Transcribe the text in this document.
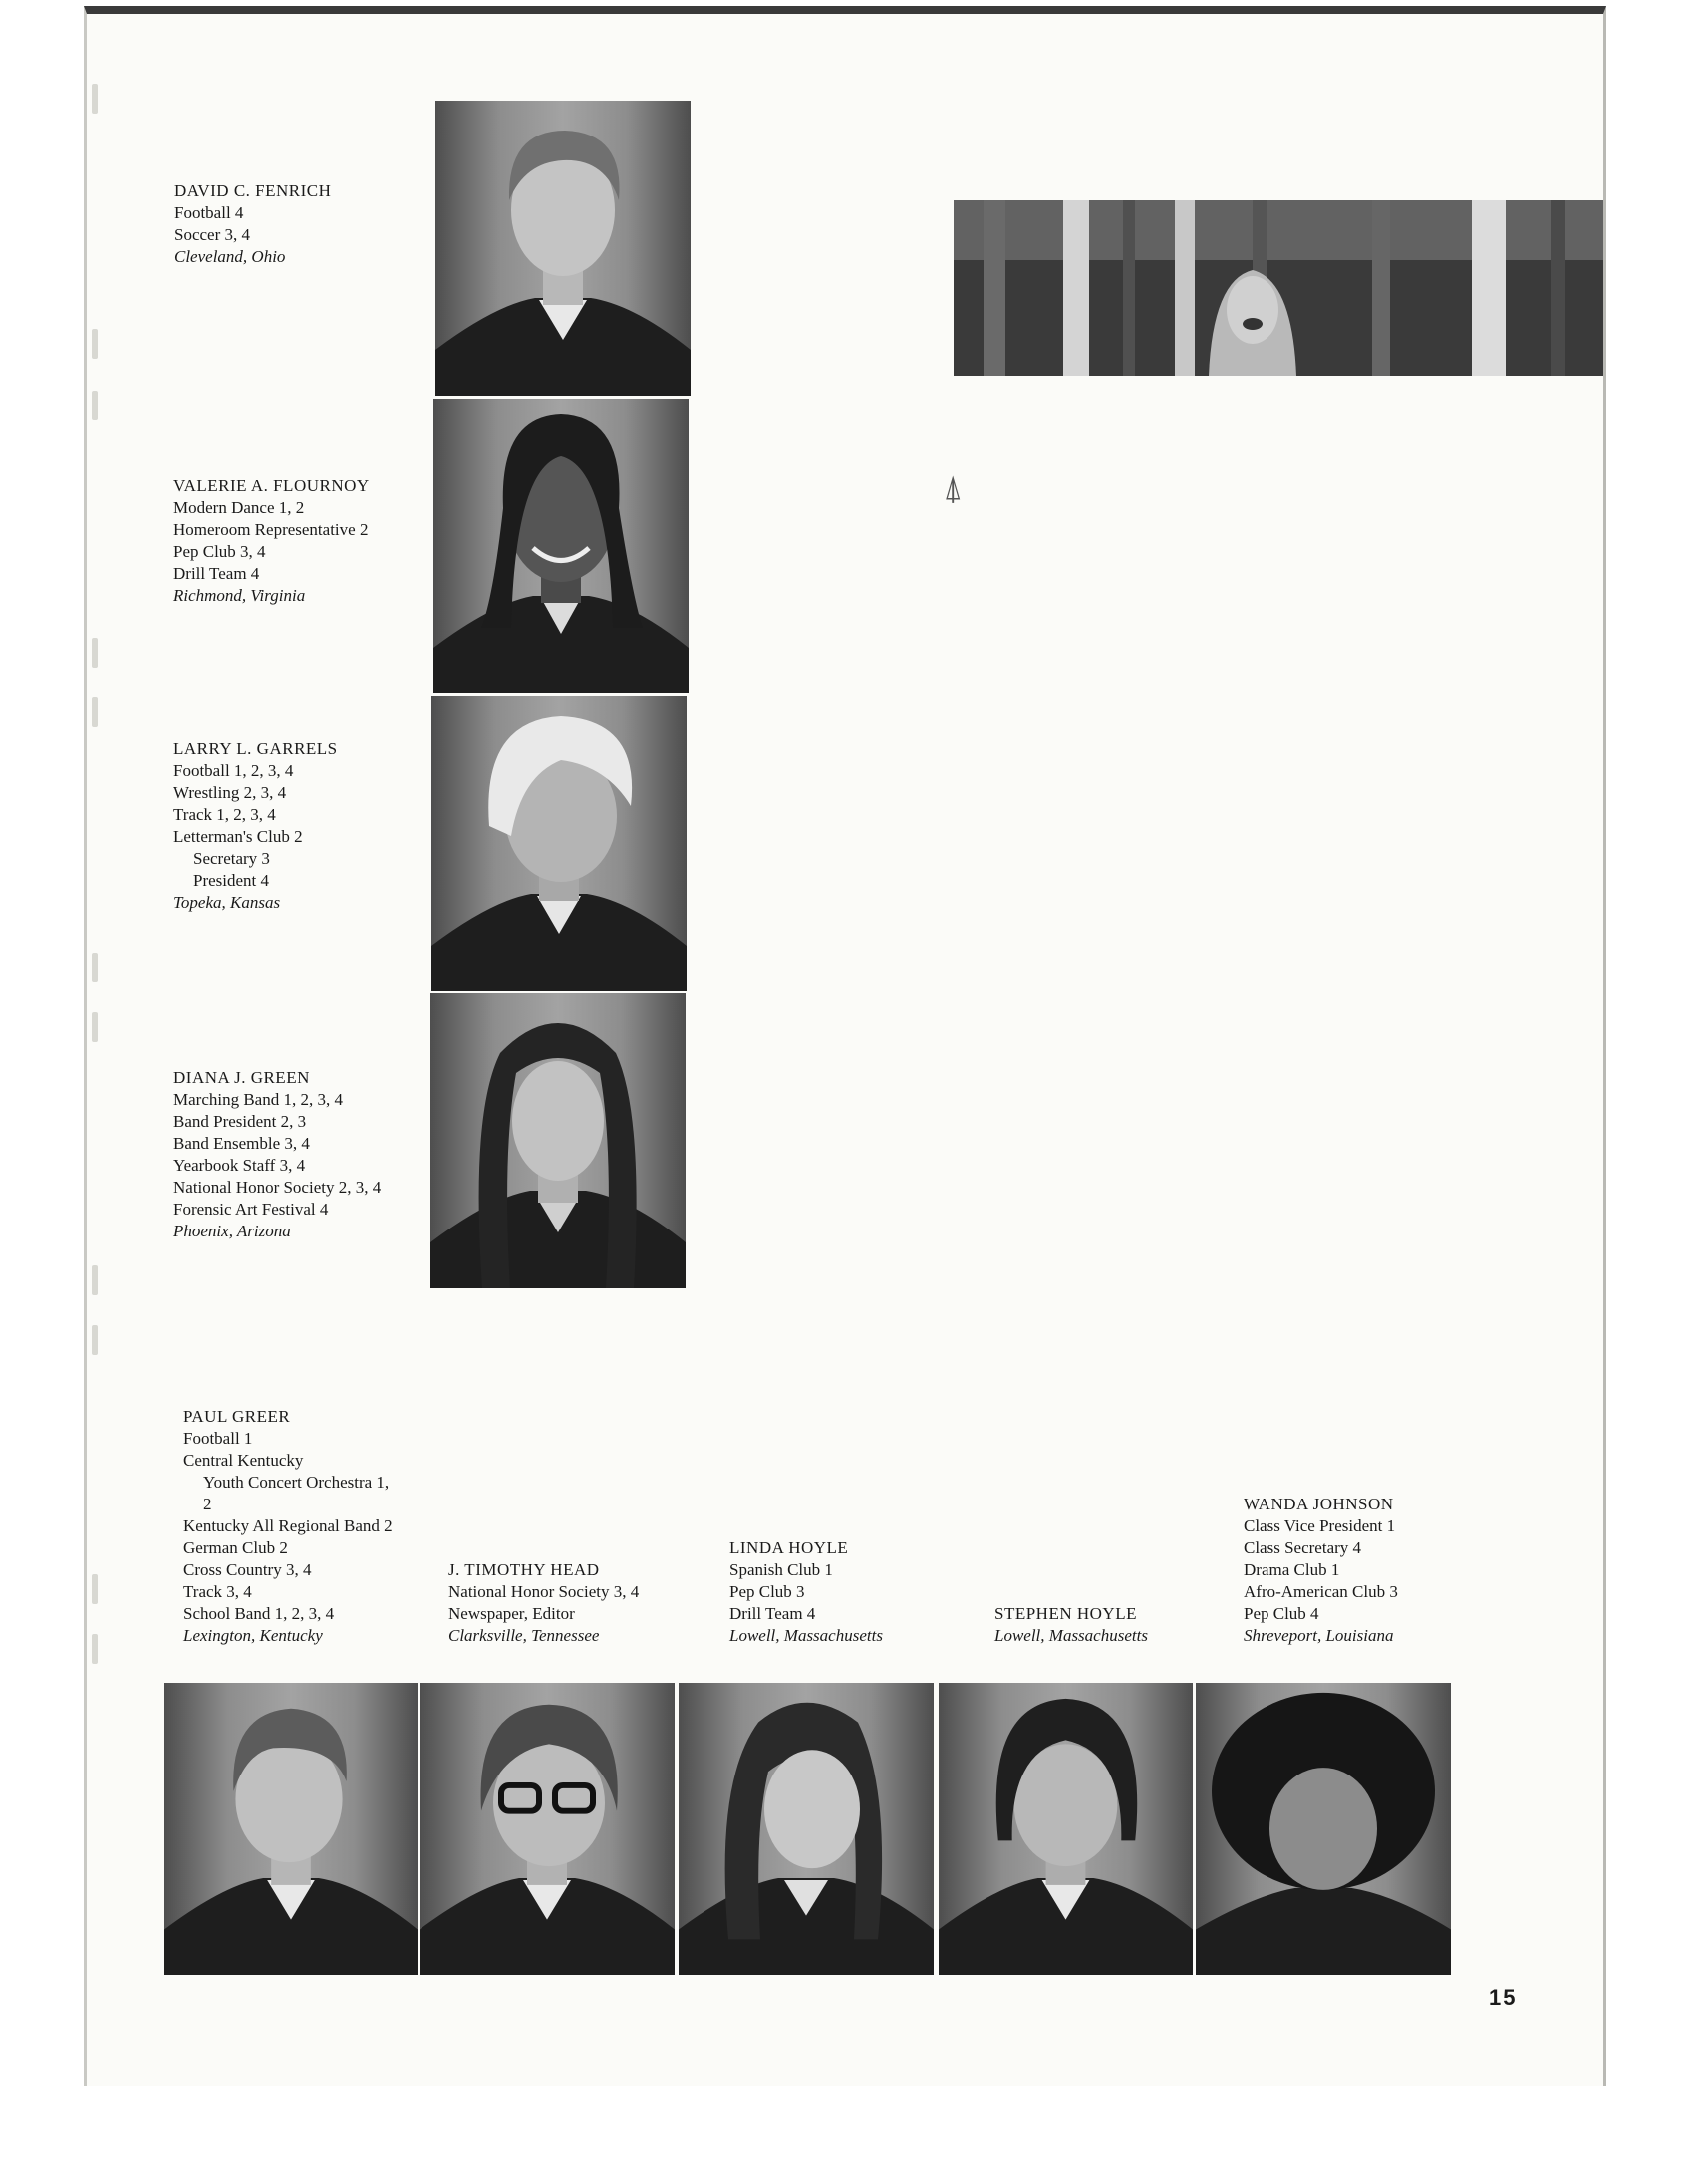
DAVID C. FENRICH
Football 4
Soccer 3, 4
Cleveland, Ohio
VALERIE A. FLOURNOY
Modern Dance 1, 2
Homeroom Representative 2
Pep Club 3, 4
Drill Team 4
Richmond, Virginia
LARRY L. GARRELS
Football 1, 2, 3, 4
Wrestling 2, 3, 4
Track 1, 2, 3, 4
Letterman's Club 2
Secretary 3
President 4
Topeka, Kansas
DIANA J. GREEN
Marching Band 1, 2, 3, 4
Band President 2, 3
Band Ensemble 3, 4
Yearbook Staff 3, 4
National Honor Society 2, 3, 4
Forensic Art Festival 4
Phoenix, Arizona
⍋
PAUL GREER
Football 1
Central Kentucky
Youth Concert Orchestra 1,
2
Kentucky All Regional Band 2
German Club 2
Cross Country 3, 4
Track 3, 4
School Band 1, 2, 3, 4
Lexington, Kentucky
J. TIMOTHY HEAD
National Honor Society 3, 4
Newspaper, Editor
Clarksville, Tennessee
LINDA HOYLE
Spanish Club 1
Pep Club 3
Drill Team 4
Lowell, Massachusetts
STEPHEN HOYLE
Lowell, Massachusetts
WANDA JOHNSON
Class Vice President 1
Class Secretary 4
Drama Club 1
Afro-American Club 3
Pep Club 4
Shreveport, Louisiana
15
